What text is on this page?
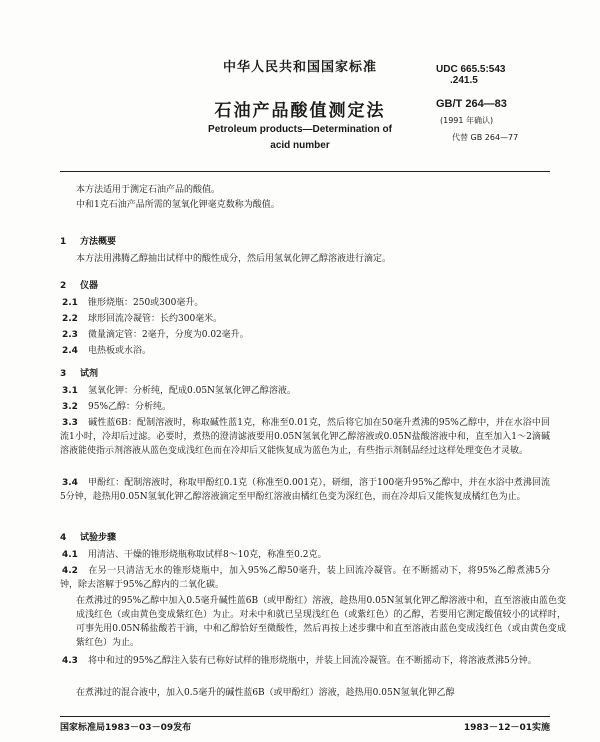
中华人民共和国国家标准	UDC 665.5:543
.241.5
石油产品酸值测定法	GB/T 264—83
(1991 年确认)
代替 GB 264—77
Petroleum products—Determination of
acid number
本方法适用于测定石油产品的酸值。
中和1克石油产品所需的氢氧化钾毫克数称为酸值。
1 方法概要
本方法用沸腾乙醇抽出试样中的酸性成分，然后用氢氧化钾乙醇溶液进行滴定。
2 仪器
2.1 锥形烧瓶：250或300毫升。
2.2 球形回流冷凝管：长约300毫米。
2.3 微量滴定管：2毫升，分度为0.02毫升。
2.4 电热板或水浴。
3 试剂
3.1 氢氧化钾：分析纯，配成0.05N氢氧化钾乙醇溶液。
3.2 95%乙醇：分析纯。
3.3 碱性蓝6B：配制溶液时，称取碱性蓝1克，称准至0.01克，然后将它加在50毫升煮沸的95%乙醇中，并在水浴中回流1小时，冷却后过滤。必要时，煮热的澄清滤液要用0.05N氢氧化钾乙醇溶液或0.05N盐酸溶液中和，直至加入1～2滴碱溶液能使指示剂溶液从蓝色变成浅红色而在冷却后又能恢复成为蓝色为止，有些指示剂制品经过这样处理变色才灵敏。
3.4 甲酚红：配制溶液时，称取甲酚红0.1克（称准至0.001克），研细，溶于100毫升95%乙醇中，并在水浴中煮沸回流5分钟，趁热用0.05N氢氧化钾乙醇溶液滴定至甲酚红溶液由橘红色变为深红色，而在冷却后又能恢复成橘红色为止。
4 试验步骤
4.1 用清洁、干燥的锥形烧瓶称取试样8～10克，称准至0.2克。
4.2 在另一只清洁无水的锥形烧瓶中，加入95%乙醇50毫升，装上回流冷凝管。在不断摇动下，将95%乙醇煮沸5分钟，除去溶解于95%乙醇内的二氧化碳。
在煮沸过的95%乙醇中加入0.5毫升碱性蓝6B（或甲酚红）溶液，趁热用0.05N氢氧化钾乙醇溶液中和，直至溶液由蓝色变成浅红色（或由黄色变成紫红色）为止。对未中和就已呈现浅红色（或紫红色）的乙醇，若要用它测定酸值较小的试样时，可事先用0.05N稀盐酸若干滴，中和乙醇恰好至微酸性，然后再按上述步骤中和直至溶液由蓝色变成浅红色（或由黄色变成紫红色）为止。
4.3 将中和过的95%乙醇注入装有已称好试样的锥形烧瓶中，并装上回流冷凝管。在不断摇动下，将溶液煮沸5分钟。
在煮沸过的混合液中，加入0.5毫升的碱性蓝6B（或甲酚红）溶液，趁热用0.05N氢氧化钾乙醇
国家标准局1983－03－09发布	1983－12－01实施
